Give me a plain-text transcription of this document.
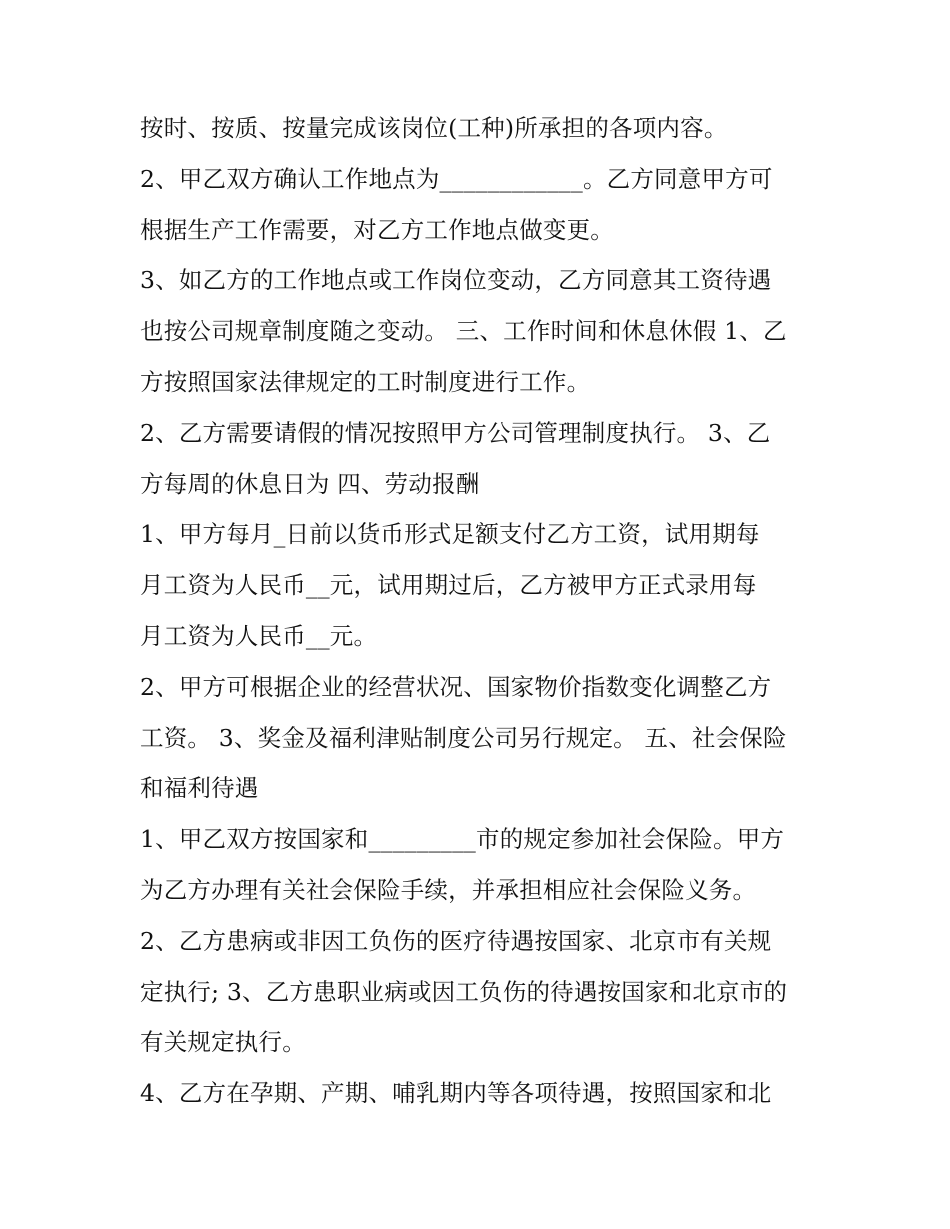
按时、按质、按量完成该岗位(工种)所承担的各项内容。
2、甲乙双方确认工作地点为____________。乙方同意甲方可
根据生产工作需要，对乙方工作地点做变更。
3、如乙方的工作地点或工作岗位变动，乙方同意其工资待遇
也按公司规章制度随之变动。 三、工作时间和休息休假 1、乙
方按照国家法律规定的工时制度进行工作。
2、乙方需要请假的情况按照甲方公司管理制度执行。 3、乙
方每周的休息日为 四、劳动报酬
1、甲方每月_日前以货币形式足额支付乙方工资，试用期每
月工资为人民币__元，试用期过后，乙方被甲方正式录用每
月工资为人民币__元。
2、甲方可根据企业的经营状况、国家物价指数变化调整乙方
工资。 3、奖金及福利津贴制度公司另行规定。 五、社会保险
和福利待遇
1、甲乙双方按国家和_________市的规定参加社会保险。甲方
为乙方办理有关社会保险手续，并承担相应社会保险义务。
2、乙方患病或非因工负伤的医疗待遇按国家、北京市有关规
定执行; 3、乙方患职业病或因工负伤的待遇按国家和北京市的
有关规定执行。
4、乙方在孕期、产期、哺乳期内等各项待遇，按照国家和北
